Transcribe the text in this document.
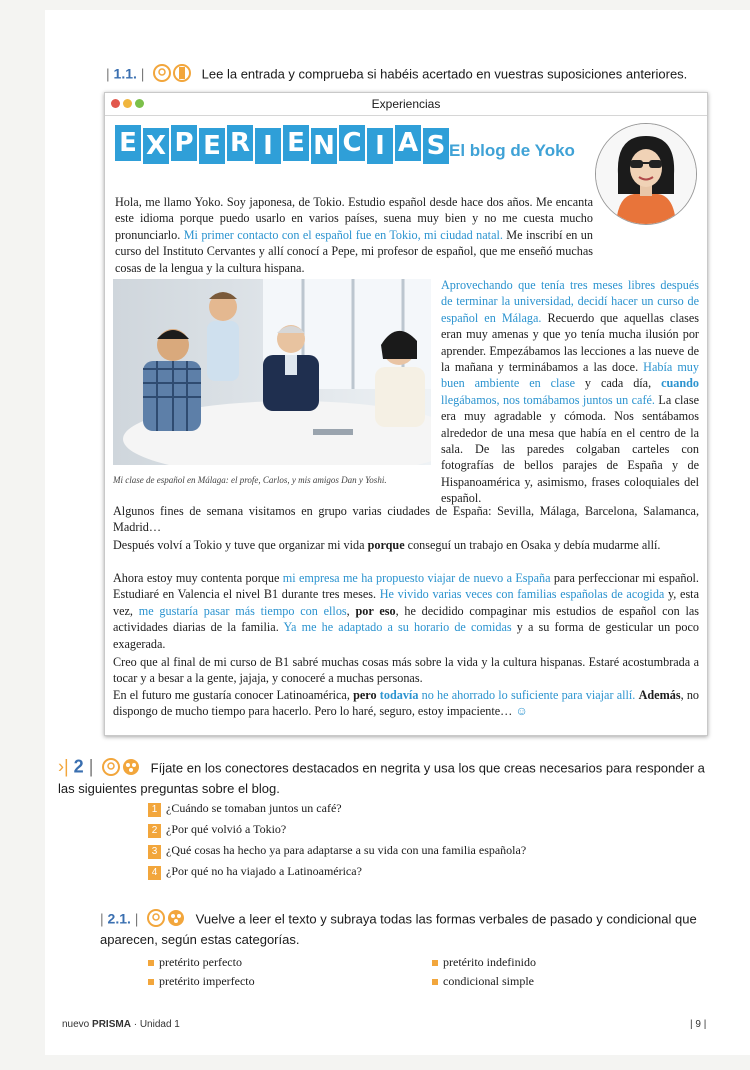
| 1.1. |	Lee la entrada y comprueba si habéis acertado en vuestras suposiciones anteriores.
Experiencias
E X P E R I E N C I A S El blog de Yoko
Hola, me llamo Yoko. Soy japonesa, de Tokio. Estudio español desde hace dos años. Me encanta este idioma porque puedo usarlo en varios países, suena muy bien y no me cuesta mucho pronunciarlo. Mi primer contacto con el español fue en Tokio, mi ciudad natal. Me inscribí en un curso del Instituto Cervantes y allí conocí a Pepe, mi profesor de español, que me enseñó muchas cosas de la lengua y la cultura hispana.
Mi clase de español en Málaga: el profe, Carlos, y mis amigos Dan y Yoshi.
Aprovechando que tenía tres meses libres después de terminar la universidad, decidí hacer un curso de español en Málaga. Recuerdo que aquellas clases eran muy amenas y que yo tenía mucha ilusión por aprender. Empezábamos las lecciones a las nueve de la mañana y terminábamos a las doce. Había muy buen ambiente en clase y cada día, cuando llegábamos, nos tomábamos juntos un café. La clase era muy agradable y cómoda. Nos sentábamos alrededor de una mesa que había en el centro de la sala. De las paredes colgaban carteles con fotografías de bellos parajes de España y de Hispanoamérica y, asimismo, frases coloquiales del español.
Algunos fines de semana visitamos en grupo varias ciudades de España: Sevilla, Málaga, Barcelona, Salamanca, Madrid…
Después volví a Tokio y tuve que organizar mi vida porque conseguí un trabajo en Osaka y debía mudarme allí.
Ahora estoy muy contenta porque mi empresa me ha propuesto viajar de nuevo a España para perfeccionar mi español. Estudiaré en Valencia el nivel B1 durante tres meses. He vivido varias veces con familias españolas de acogida y, esta vez, me gustaría pasar más tiempo con ellos, por eso, he decidido compaginar mis estudios de español con las actividades diarias de la familia. Ya me he adaptado a su horario de comidas y a su forma de gesticular un poco exagerada.
Creo que al final de mi curso de B1 sabré muchas cosas más sobre la vida y la cultura hispanas. Estaré acostumbrada a tocar y a besar a la gente, jajaja, y conoceré a muchas personas.
En el futuro me gustaría conocer Latinoamérica, pero todavía no he ahorrado lo suficiente para viajar allí. Además, no dispongo de mucho tiempo para hacerlo. Pero lo haré, seguro, estoy impaciente… ☺
›| 2 |	Fíjate en los conectores destacados en negrita y usa los que creas necesarios para responder a las siguientes preguntas sobre el blog.
1 ¿Cuándo se tomaban juntos un café?
2 ¿Por qué volvió a Tokio?
3 ¿Qué cosas ha hecho ya para adaptarse a su vida con una familia española?
4 ¿Por qué no ha viajado a Latinoamérica?
| 2.1. |	Vuelve a leer el texto y subraya todas las formas verbales de pasado y condicional que aparecen, según estas categorías.
pretérito perfecto	pretérito indefinido
pretérito imperfecto	condicional simple
nuevo PRISMA · Unidad 1	| 9 |
